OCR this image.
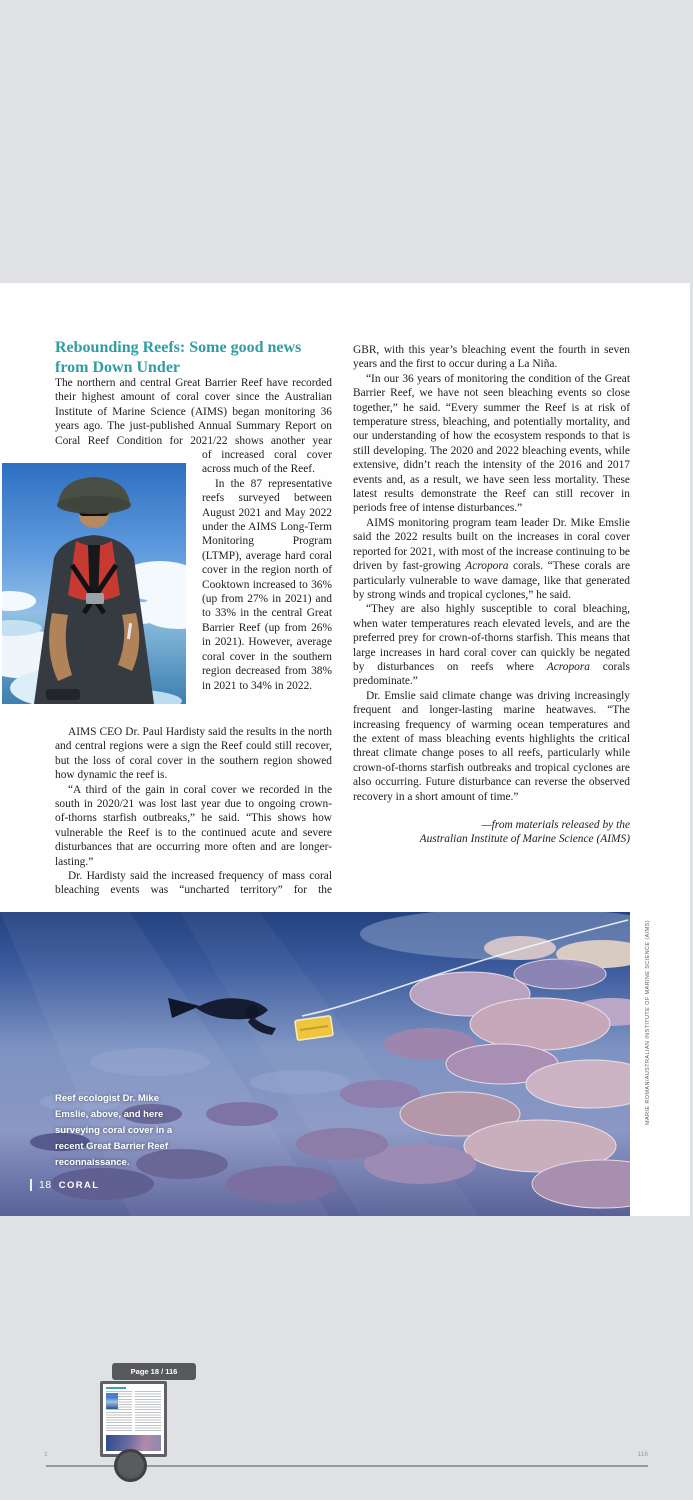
Rebounding Reefs: Some good news
from Down Under

The northern and central Great Barrier Reef have recorded their highest amount of coral cover since the Australian Institute of Marine Science (AIMS) began monitoring 36 years ago. The just-published Annual Summary Report on Coral Reef Condition for 2021/22 shows another year

of increased coral cover across much of the Reef.

In the 87 representative reefs surveyed between August 2021 and May 2022 under the AIMS Long-Term Monitoring Program (LTMP), average hard coral cover in the region north of Cooktown increased to 36% (up from 27% in 2021) and to 33% in the central Great Barrier Reef (up from 26% in 2021). However, average coral cover in the southern region decreased from 38% in 2021 to 34% in 2022.

AIMS CEO Dr. Paul Hardisty said the results in the north and central regions were a sign the Reef could still recover, but the loss of coral cover in the southern region showed how dynamic the reef is.

“A third of the gain in coral cover we recorded in the south in 2020/21 was lost last year due to ongoing crown-of-thorns starfish outbreaks,” he said. “This shows how vulnerable the Reef is to the continued acute and severe disturbances that are occurring more often and are longer-lasting.”

Dr. Hardisty said the increased frequency of mass coral bleaching events was “uncharted territory” for the

GBR, with this year’s bleaching event the fourth in seven years and the first to occur during a La Niña.

“In our 36 years of monitoring the condition of the Great Barrier Reef, we have not seen bleaching events so close together,” he said. “Every summer the Reef is at risk of temperature stress, bleaching, and potentially mortality, and our understanding of how the ecosystem responds to that is still developing. The 2020 and 2022 bleaching events, while extensive, didn’t reach the intensity of the 2016 and 2017 events and, as a result, we have seen less mortality. These latest results demonstrate the Reef can still recover in periods free of intense disturbances.”

AIMS monitoring program team leader Dr. Mike Emslie said the 2022 results built on the increases in coral cover reported for 2021, with most of the increase continuing to be driven by fast-growing Acropora corals. “These corals are particularly vulnerable to wave damage, like that generated by strong winds and tropical cyclones,” he said.

“They are also highly susceptible to coral bleaching, when water temperatures reach elevated levels, and are the preferred prey for crown-of-thorns starfish. This means that large increases in hard coral cover can quickly be negated by disturbances on reefs where Acropora corals predominate.”

Dr. Emslie said climate change was driving increasingly frequent and longer-lasting marine heatwaves. “The increasing frequency of warming ocean temperatures and the extent of mass bleaching events highlights the critical threat climate change poses to all reefs, particularly while crown-of-thorns starfish outbreaks and tropical cyclones are also occurring. Future disturbance can reverse the observed recovery in a short amount of time.”

—from materials released by the
Australian Institute of Marine Science (AIMS)

Reef ecologist Dr. Mike Emslie, above, and here surveying coral cover in a recent Great Barrier Reef reconnaissance.
18 CORAL
MARIE ROMAN/AUSTRALIAN INSTITUTE OF MARINE SCIENCE (AIMS)
Page 18 / 116
1	116
